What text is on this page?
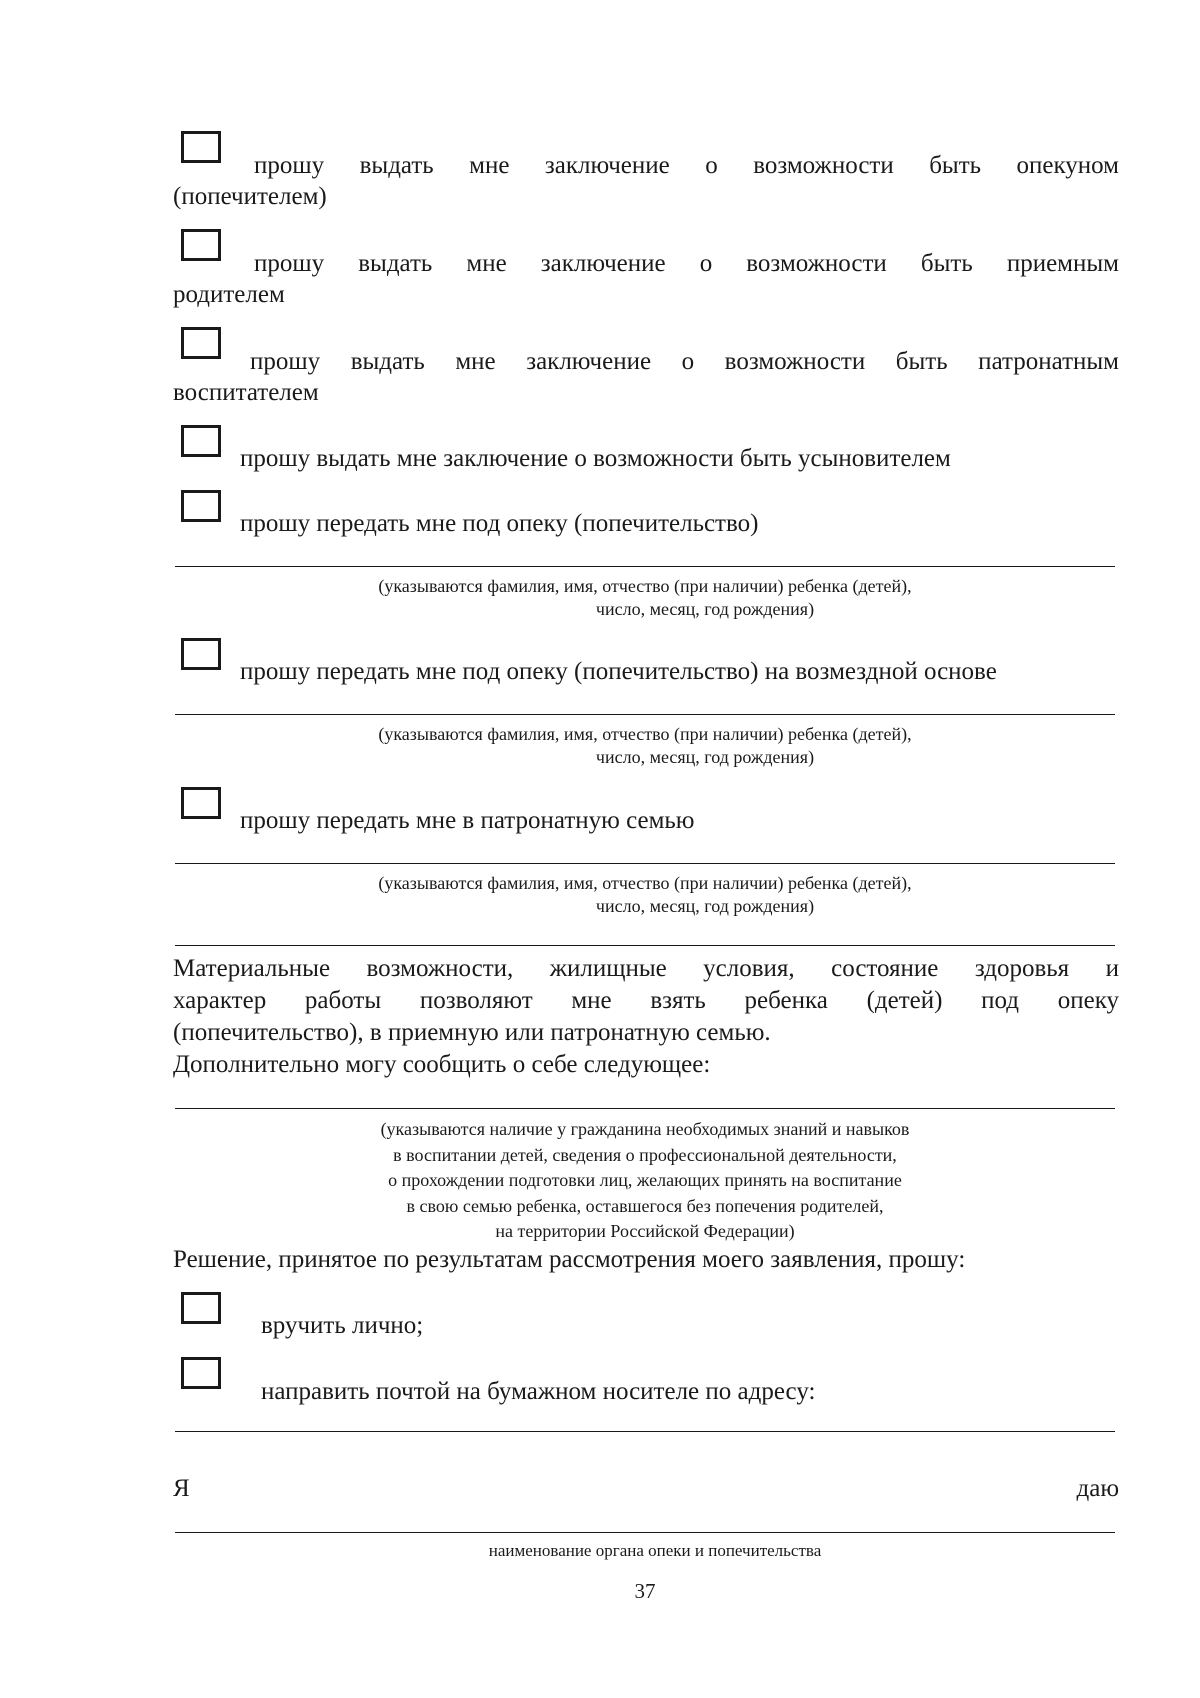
прошу выдать мне заключение о возможности быть опекуном
(попечителем)
прошу выдать мне заключение о возможности быть приемным
родителем
прошу выдать мне заключение о возможности быть патронатным
воспитателем
прошу выдать мне заключение о возможности быть усыновителем
прошу передать мне под опеку (попечительство)
(указываются фамилия, имя, отчество (при наличии) ребенка (детей),
число, месяц, год рождения)
прошу передать мне под опеку (попечительство) на возмездной основе
(указываются фамилия, имя, отчество (при наличии) ребенка (детей),
число, месяц, год рождения)
прошу передать мне в патронатную семью
(указываются фамилия, имя, отчество (при наличии) ребенка (детей),
число, месяц, год рождения)
Материальные возможности, жилищные условия, состояние здоровья и
характер работы позволяют мне взять ребенка (детей) под опеку
(попечительство), в приемную или патронатную семью.
Дополнительно могу сообщить о себе следующее:
(указываются наличие у гражданина необходимых знаний и навыков
в воспитании детей, сведения о профессиональной деятельности,
о прохождении подготовки лиц, желающих принять на воспитание
в свою семью ребенка, оставшегося без попечения родителей,
на территории Российской Федерации)
Решение, принятое по результатам рассмотрения моего заявления, прошу:
вручить лично;
направить почтой на бумажном носителе по адресу:
Я	даю
наименование органа опеки и попечительства
37
